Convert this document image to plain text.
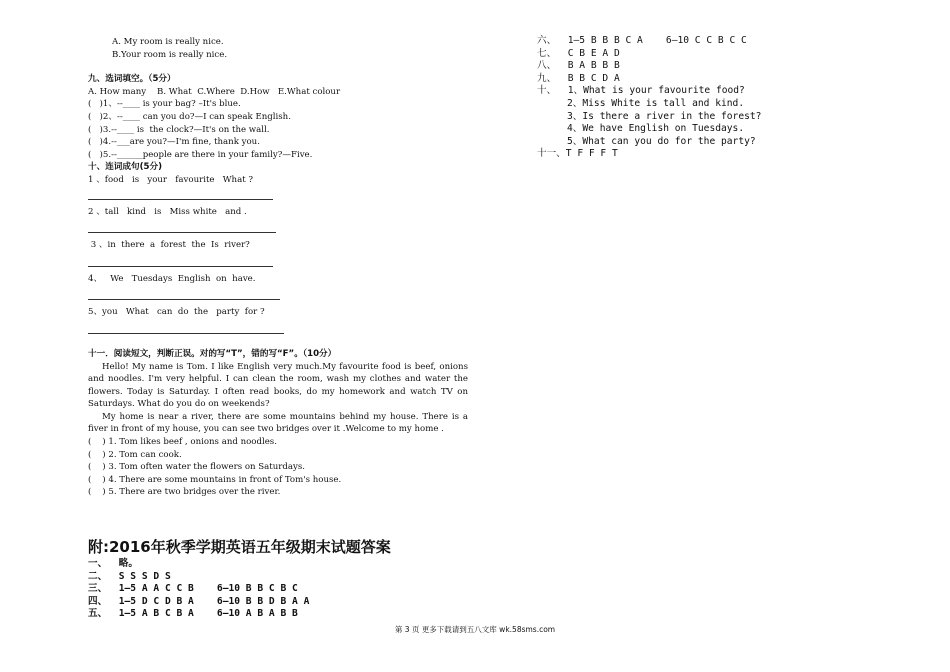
A. My room is really nice.
B.Your room is really nice.
九、选词填空。（5分）
A. How many    B. What  C.Where  D.How   E.What colour
(   )1、--____ is your bag? –It's blue.
(   )2、--____ can you do?—I can speak English.
(   )3.--____ is  the clock?—It's on the wall.
(   )4.--___are you?—I'm fine, thank you.
(   )5.--______people are there in your family?—Five.
十、连词成句(5分)
1 、food   is   your   favourite   What ?
2 、tall   kind   is   Miss white   and .
3 、in  there  a  forest  the  Is  river?
4、   We   Tuesdays  English  on  have.
5、you   What   can  do  the   party  for ?
十一．阅读短文，判断正误。对的写“T”，错的写“F”。（10分）
Hello! My name is Tom. I like English very much.My favourite food is beef, onions and noodles. I'm very helpful. I can clean the room, wash my clothes and water the flowers. Today is Saturday. I often read books, do my homework and watch TV on Saturdays. What do you do on weekends?
My home is near a river, there are some mountains behind my house. There is a fiver in front of my house, you can see two bridges over it .Welcome to my home .
(    ) 1. Tom likes beef , onions and noodles.
(    ) 2. Tom can cook.
(    ) 3. Tom often water the flowers on Saturdays.
(    ) 4. There are some mountains in front of Tom's house.
(    ) 5. There are two bridges over the river.
附:2016年秋季学期英语五年级期末试题答案
一、  略。
二、  S S S D S
三、  1—5 A A C C B    6—10 B B C B C
四、  1—5 D C D B A    6—10 B B D B A A
五、  1—5 A B C B A    6—10 A B A B B
六、  1—5 B B B C A    6—10 C C B C C
七、  C B E A D
八、  B A B B B
九、  B B C D A
十、  1、What is your favourite food?
2、Miss White is tall and kind.
3、Is there a river in the forest?
4、We have English on Tuesdays.
5、What can you do for the party?
十一、T F F F T
第 3 页 更多下载请到五八文库 wk.58sms.com
